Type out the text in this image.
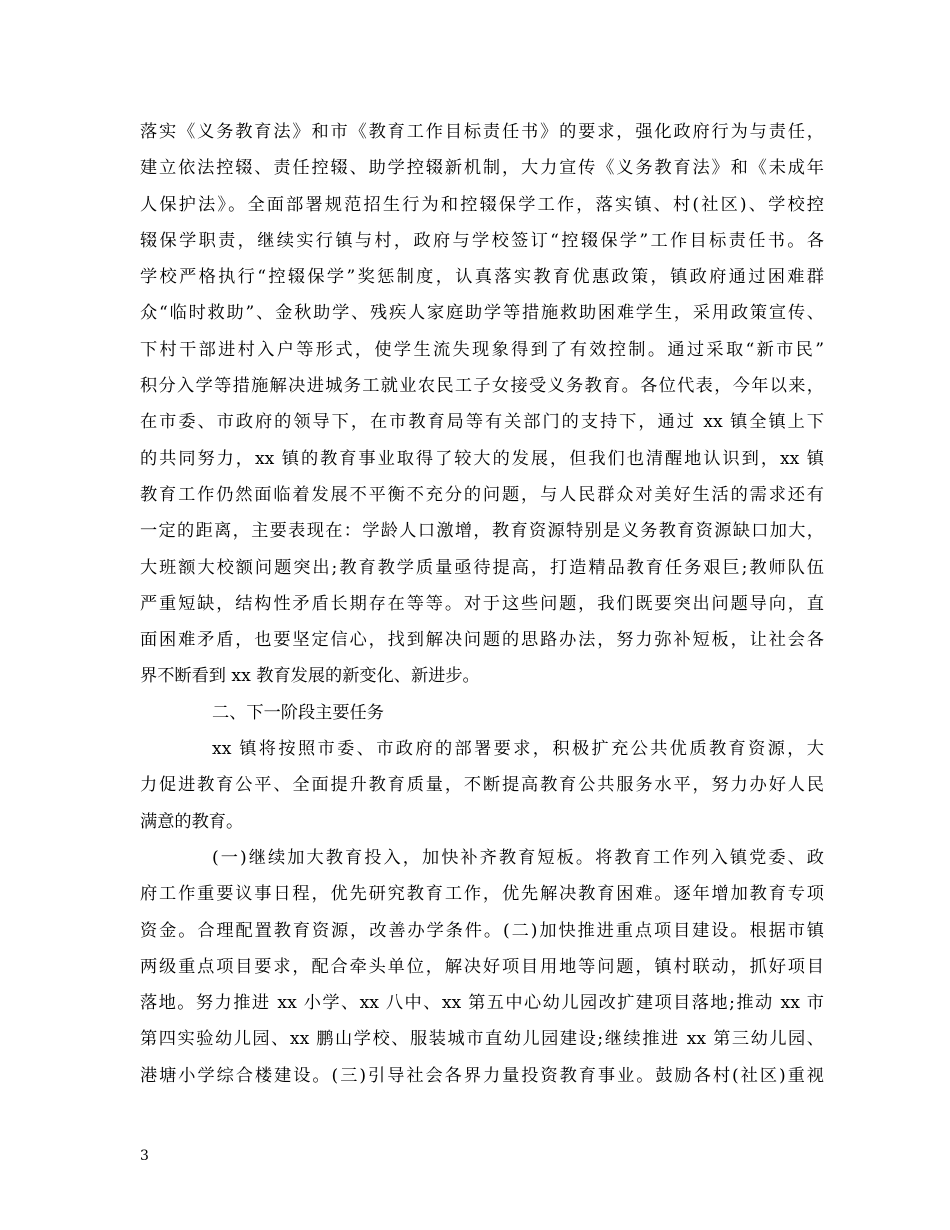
落实《义务教育法》和市《教育工作目标责任书》的要求，强化政府行为与责任，
建立依法控辍、责任控辍、助学控辍新机制，大力宣传《义务教育法》和《未成年
人保护法》。全面部署规范招生行为和控辍保学工作，落实镇、村(社区)、学校控
辍保学职责，继续实行镇与村，政府与学校签订“控辍保学”工作目标责任书。各
学校严格执行“控辍保学”奖惩制度，认真落实教育优惠政策，镇政府通过困难群
众“临时救助”、金秋助学、残疾人家庭助学等措施救助困难学生，采用政策宣传、
下村干部进村入户等形式，使学生流失现象得到了有效控制。通过采取“新市民”
积分入学等措施解决进城务工就业农民工子女接受义务教育。各位代表，今年以来，
在市委、市政府的领导下，在市教育局等有关部门的支持下，通过 xx 镇全镇上下
的共同努力，xx 镇的教育事业取得了较大的发展，但我们也清醒地认识到，xx 镇
教育工作仍然面临着发展不平衡不充分的问题，与人民群众对美好生活的需求还有
一定的距离，主要表现在：学龄人口激增，教育资源特别是义务教育资源缺口加大，
大班额大校额问题突出;教育教学质量亟待提高，打造精品教育任务艰巨;教师队伍
严重短缺，结构性矛盾长期存在等等。对于这些问题，我们既要突出问题导向，直
面困难矛盾，也要坚定信心，找到解决问题的思路办法，努力弥补短板，让社会各
界不断看到 xx 教育发展的新变化、新进步。
二、下一阶段主要任务
xx 镇将按照市委、市政府的部署要求，积极扩充公共优质教育资源，大
力促进教育公平、全面提升教育质量，不断提高教育公共服务水平，努力办好人民
满意的教育。
(一)继续加大教育投入，加快补齐教育短板。将教育工作列入镇党委、政
府工作重要议事日程，优先研究教育工作，优先解决教育困难。逐年增加教育专项
资金。合理配置教育资源，改善办学条件。(二)加快推进重点项目建设。根据市镇
两级重点项目要求，配合牵头单位，解决好项目用地等问题，镇村联动，抓好项目
落地。努力推进 xx 小学、xx 八中、xx 第五中心幼儿园改扩建项目落地;推动 xx 市
第四实验幼儿园、xx 鹏山学校、服装城市直幼儿园建设;继续推进 xx 第三幼儿园、
港塘小学综合楼建设。(三)引导社会各界力量投资教育事业。鼓励各村(社区)重视
3
